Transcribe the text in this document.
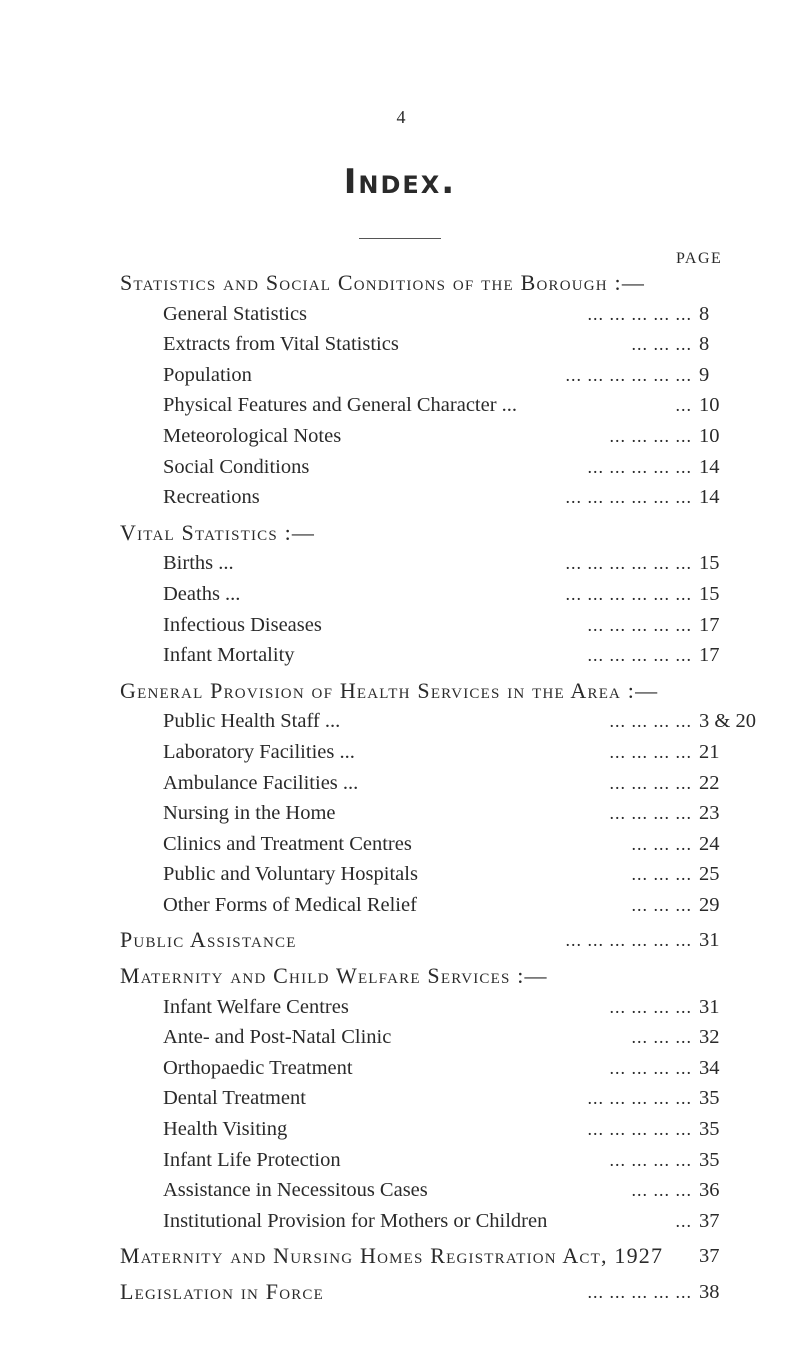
4
Index.
PAGE
Statistics and Social Conditions of the Borough :—
General Statistics	... ... ... ... ... 8
Extracts from Vital Statistics	... ... ... 8
Population	... ... ... ... ... ... 9
Physical Features and General Character ...	... 10
Meteorological Notes	... ... ... ... 10
Social Conditions	... ... ... ... ... 14
Recreations	... ... ... ... ... ... 14
Vital Statistics :—
Births ...	... ... ... ... ... ... 15
Deaths ...	... ... ... ... ... ... 15
Infectious Diseases	... ... ... ... ... 17
Infant Mortality	... ... ... ... ... 17
General Provision of Health Services in the Area :—
Public Health Staff ...	... ... ... ... 3 & 20
Laboratory Facilities ...	... ... ... ... 21
Ambulance Facilities ...	... ... ... ... 22
Nursing in the Home	... ... ... ... 23
Clinics and Treatment Centres	... ... ... 24
Public and Voluntary Hospitals	... ... ... 25
Other Forms of Medical Relief	... ... ... 29
Public Assistance	... ... ... ... ... ... 31
Maternity and Child Welfare Services :—
Infant Welfare Centres	... ... ... ... 31
Ante- and Post-Natal Clinic	... ... ... 32
Orthopaedic Treatment	... ... ... ... 34
Dental Treatment	... ... ... ... ... 35
Health Visiting	... ... ... ... ... 35
Infant Life Protection	... ... ... ... 35
Assistance in Necessitous Cases	... ... ... 36
Institutional Provision for Mothers or Children	... 37
Maternity and Nursing Homes Registration Act, 1927 37
Legislation in Force	... ... ... ... ... 38
